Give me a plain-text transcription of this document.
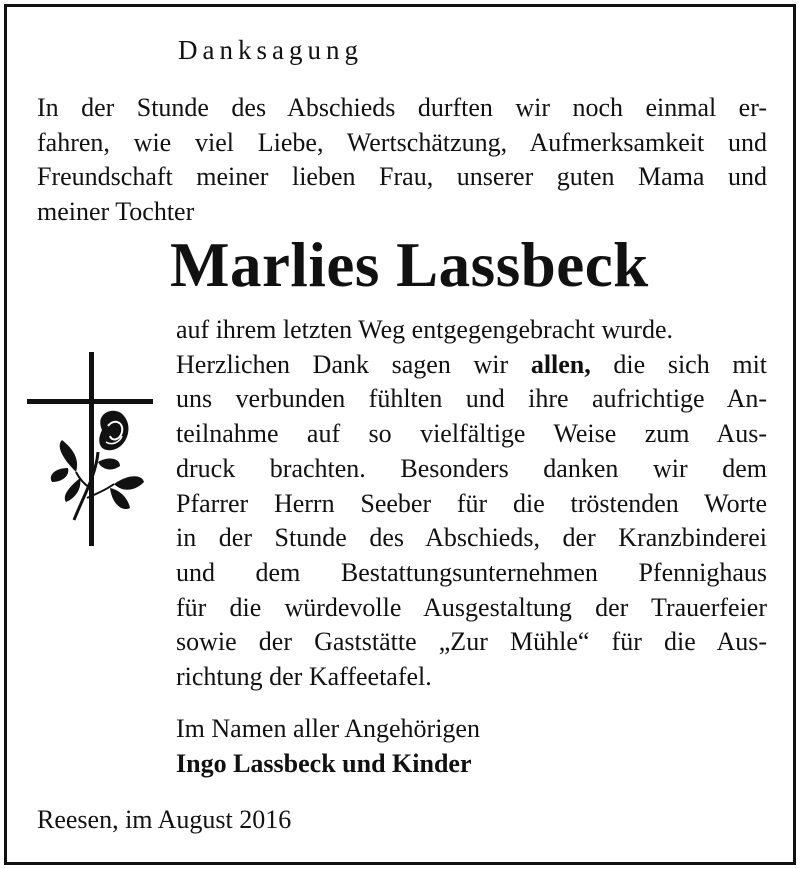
Danksagung
In der Stunde des Abschieds durften wir noch einmal er-
fahren, wie viel Liebe, Wertschätzung, Aufmerksamkeit und
Freundschaft meiner lieben Frau, unserer guten Mama und
meiner Tochter
Marlies Lassbeck
auf ihrem letzten Weg entgegengebracht wurde.
Herzlichen Dank sagen wir allen, die sich mit
uns verbunden fühlten und ihre aufrichtige An-
teilnahme auf so vielfältige Weise zum Aus-
druck brachten. Besonders danken wir dem
Pfarrer Herrn Seeber für die tröstenden Worte
in der Stunde des Abschieds, der Kranzbinderei
und dem Bestattungsunternehmen Pfennighaus
für die würdevolle Ausgestaltung der Trauerfeier
sowie der Gaststätte „Zur Mühle“ für die Aus-
richtung der Kaffeetafel.
Im Namen aller Angehörigen
Ingo Lassbeck und Kinder
Reesen, im August 2016
